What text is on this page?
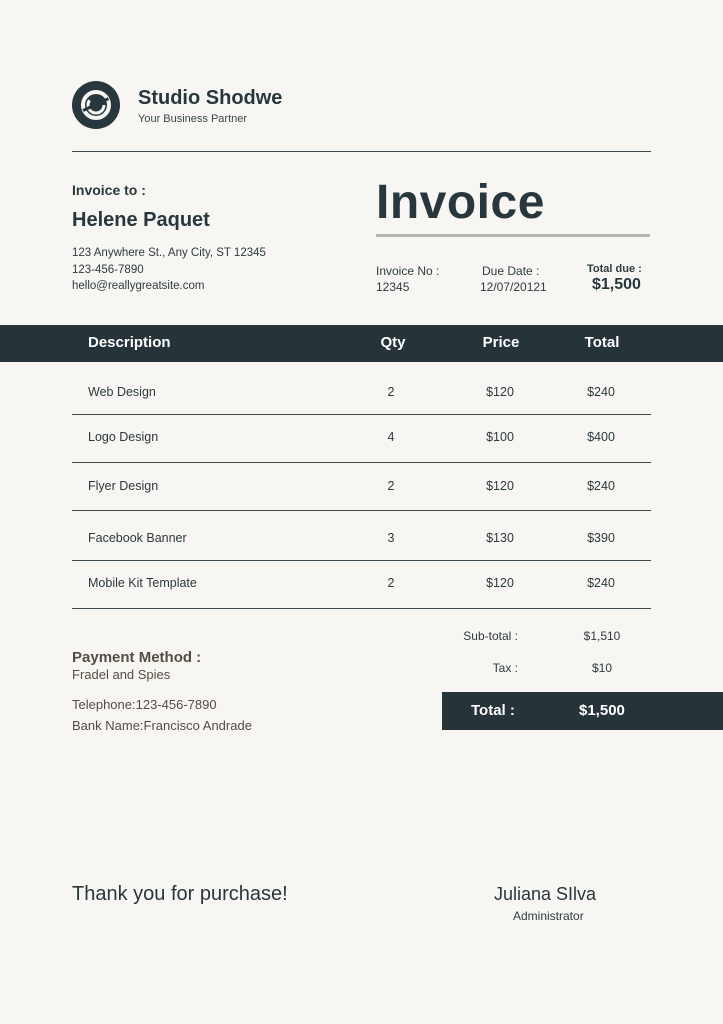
Studio Shodwe
Your Business Partner
Invoice to :
Helene Paquet
123 Anywhere St., Any City, ST 12345
123-456-7890
hello@reallygreatsite.com
Invoice
Invoice No :
12345
Due Date :
12/07/20121
Total due :
$1,500
Description	Qty	Price	Total
Web Design	2	$120	$240
Logo Design	4	$100	$400
Flyer Design	2	$120	$240
Facebook Banner	3	$130	$390
Mobile Kit Template	2	$120	$240
Sub-total :	$1,510
Tax :	$10
Total :	$1,500
Payment Method :
Fradel and Spies
Telephone:123-456-7890
Bank Name:Francisco Andrade
Thank you for purchase!	Juliana SIlva
Administrator
